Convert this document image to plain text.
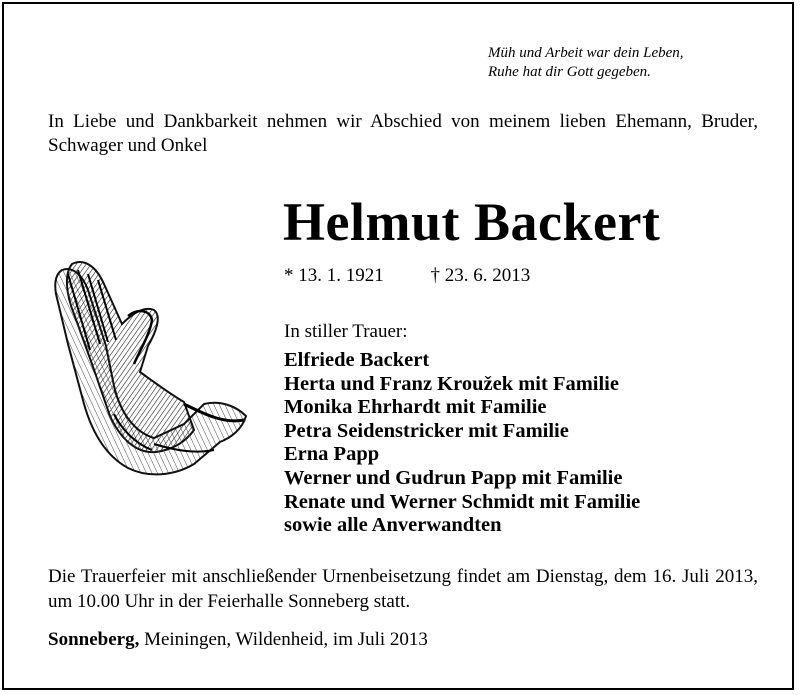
Müh und Arbeit war dein Leben,
Ruhe hat dir Gott gegeben.
In Liebe und Dankbarkeit nehmen wir Abschied von meinem lieben Ehemann, Bruder, Schwager und Onkel
Helmut Backert
* 13. 1. 1921 † 23. 6. 2013
In stiller Trauer:
Elfriede Backert
Herta und Franz Kroužek mit Familie
Monika Ehrhardt mit Familie
Petra Seidenstricker mit Familie
Erna Papp
Werner und Gudrun Papp mit Familie
Renate und Werner Schmidt mit Familie
sowie alle Anverwandten
Die Trauerfeier mit anschließender Urnenbeisetzung findet am Dienstag, dem 16. Juli 2013, um 10.00 Uhr in der Feierhalle Sonneberg statt.
Sonneberg, Meiningen, Wildenheid, im Juli 2013
